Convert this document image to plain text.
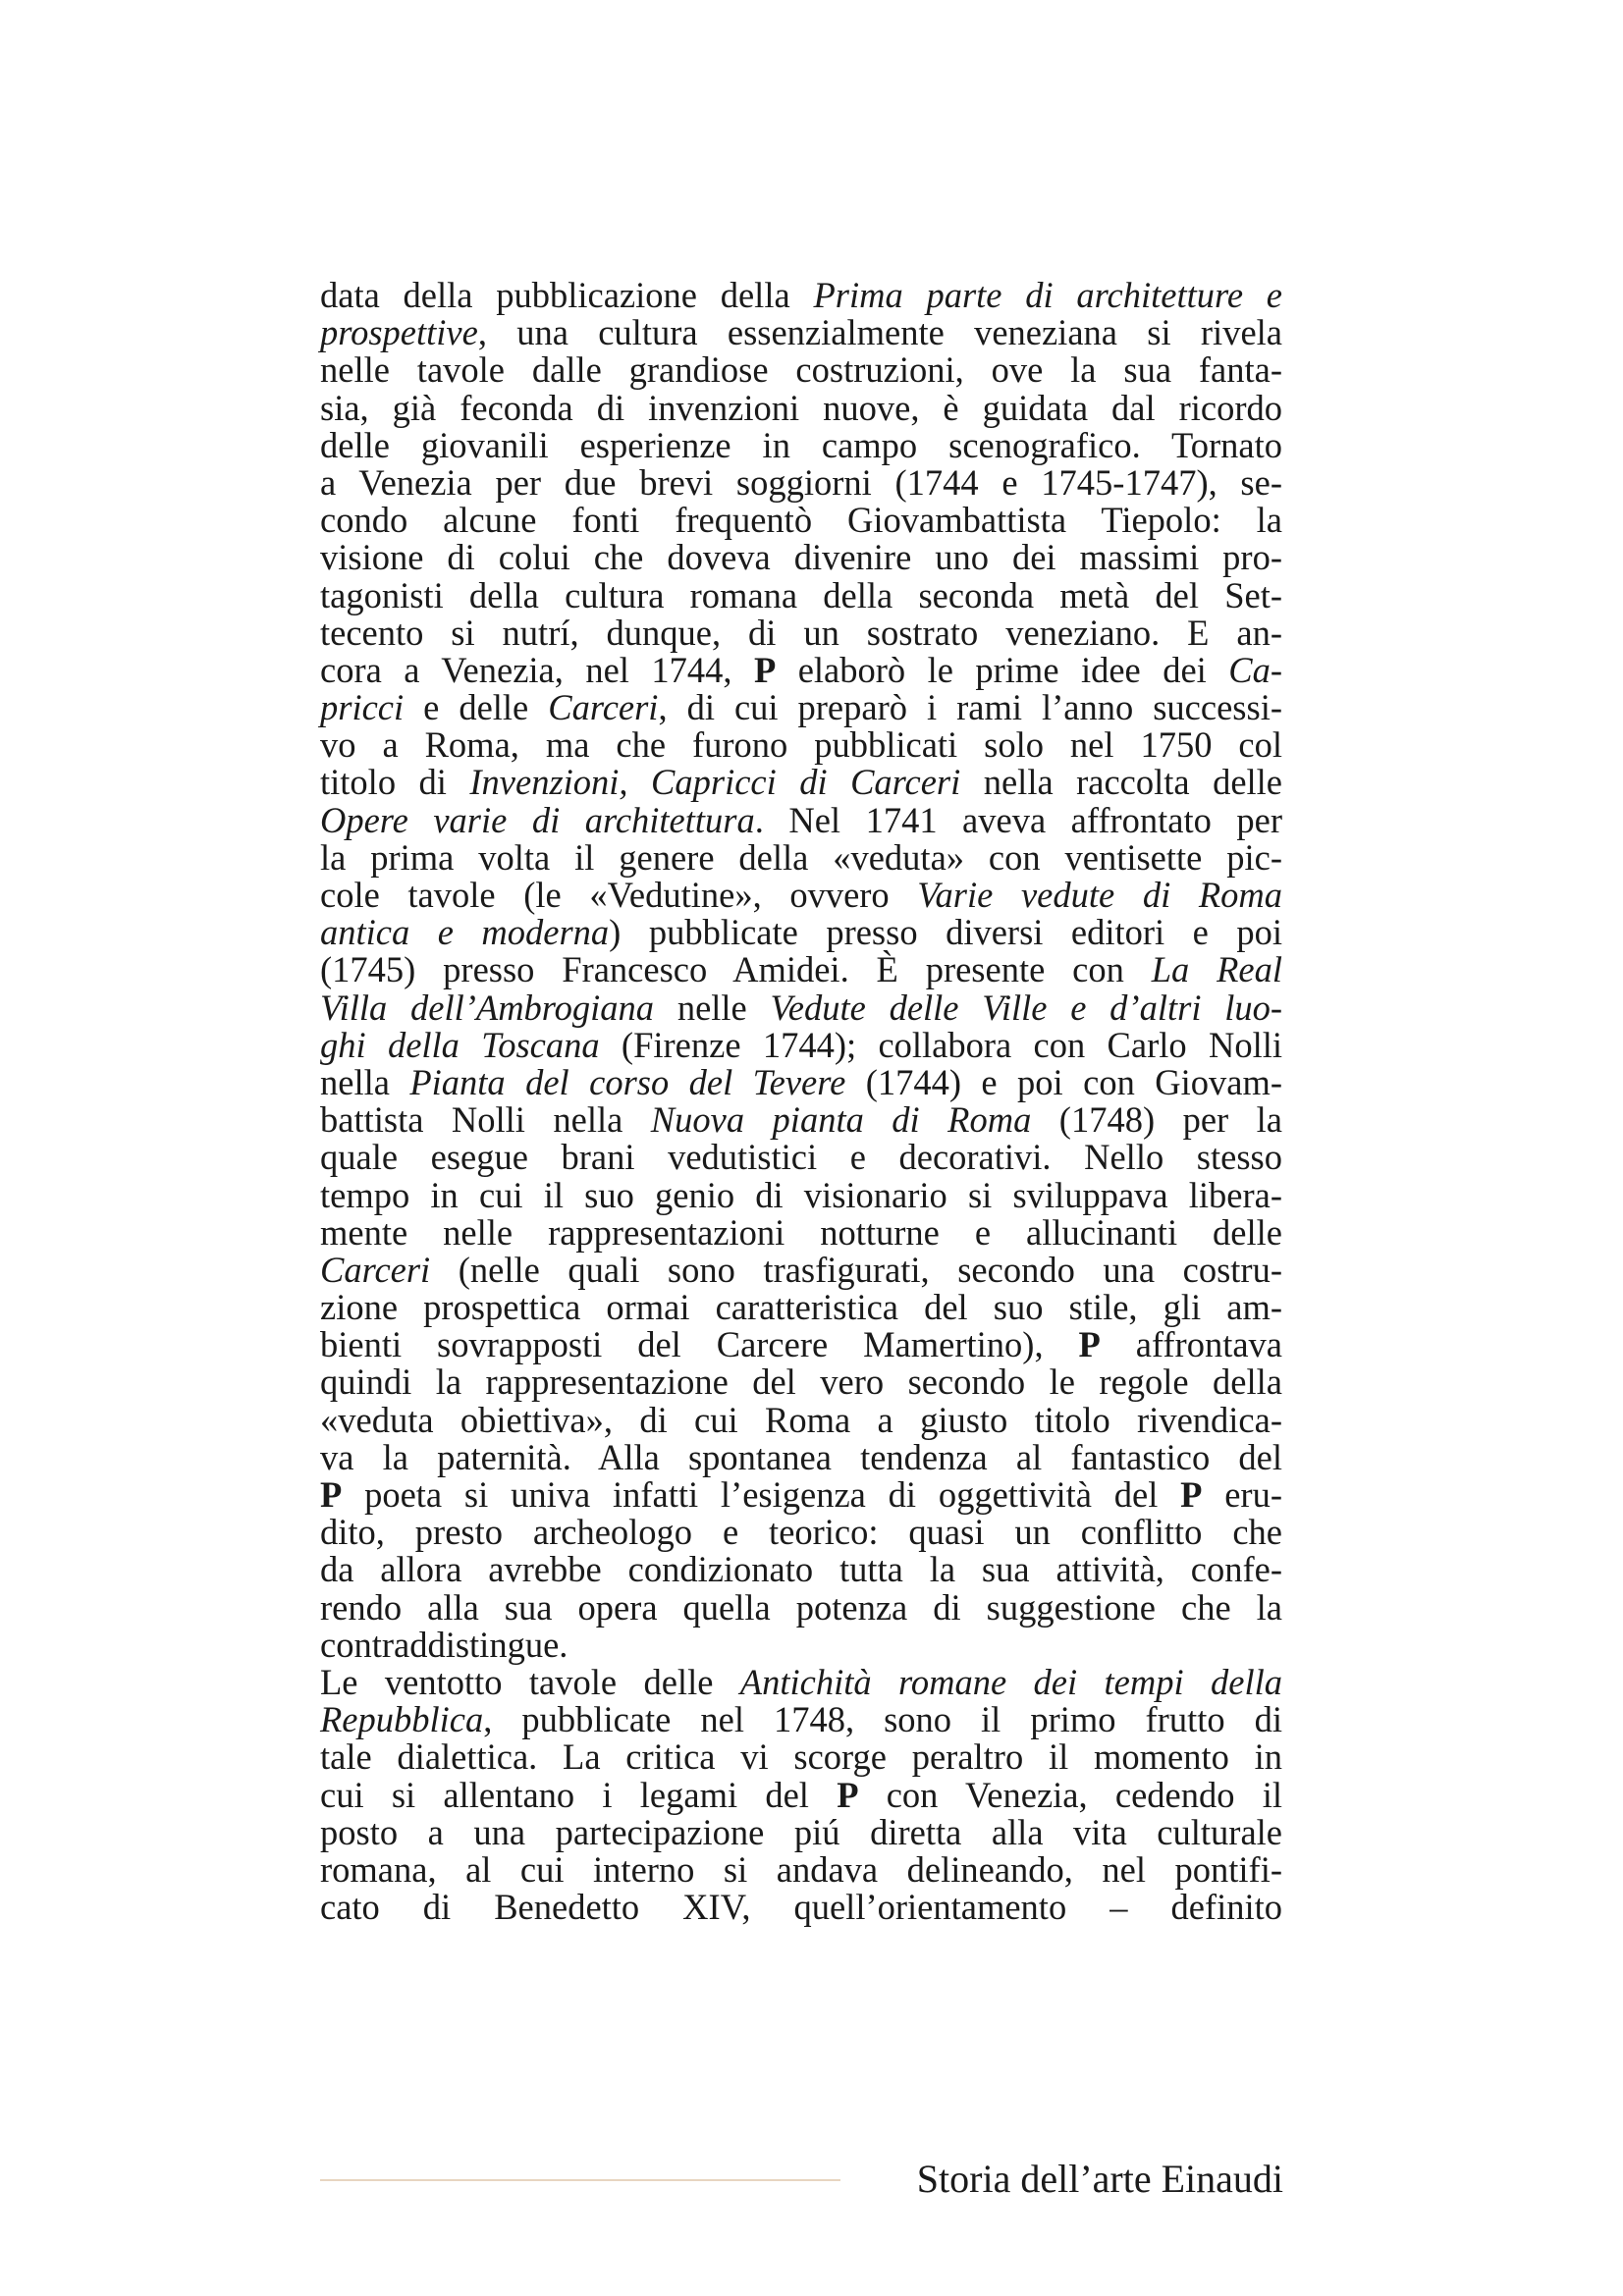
data della pubblicazione della Prima parte di architetture e
prospettive, una cultura essenzialmente veneziana si rivela
nelle tavole dalle grandiose costruzioni, ove la sua fanta-
sia, già feconda di invenzioni nuove, è guidata dal ricordo
delle giovanili esperienze in campo scenografico. Tornato
a Venezia per due brevi soggiorni (1744 e 1745-1747), se-
condo alcune fonti frequentò Giovambattista Tiepolo: la
visione di colui che doveva divenire uno dei massimi pro-
tagonisti della cultura romana della seconda metà del Set-
tecento si nutrí, dunque, di un sostrato veneziano. E an-
cora a Venezia, nel 1744, P elaborò le prime idee dei Ca-
pricci e delle Carceri, di cui preparò i rami l’anno successi-
vo a Roma, ma che furono pubblicati solo nel 1750 col
titolo di Invenzioni, Capricci di Carceri nella raccolta delle
Opere varie di architettura. Nel 1741 aveva affrontato per
la prima volta il genere della «veduta» con ventisette pic-
cole tavole (le «Vedutine», ovvero Varie vedute di Roma
antica e moderna) pubblicate presso diversi editori e poi
(1745) presso Francesco Amidei. È presente con La Real
Villa dell’Ambrogiana nelle Vedute delle Ville e d’altri luo-
ghi della Toscana (Firenze 1744); collabora con Carlo Nolli
nella Pianta del corso del Tevere (1744) e poi con Giovam-
battista Nolli nella Nuova pianta di Roma (1748) per la
quale esegue brani vedutistici e decorativi. Nello stesso
tempo in cui il suo genio di visionario si sviluppava libera-
mente nelle rappresentazioni notturne e allucinanti delle
Carceri (nelle quali sono trasfigurati, secondo una costru-
zione prospettica ormai caratteristica del suo stile, gli am-
bienti sovrapposti del Carcere Mamertino), P affrontava
quindi la rappresentazione del vero secondo le regole della
«veduta obiettiva», di cui Roma a giusto titolo rivendica-
va la paternità. Alla spontanea tendenza al fantastico del
P poeta si univa infatti l’esigenza di oggettività del P eru-
dito, presto archeologo e teorico: quasi un conflitto che
da allora avrebbe condizionato tutta la sua attività, confe-
rendo alla sua opera quella potenza di suggestione che la
contraddistingue.
Le ventotto tavole delle Antichità romane dei tempi della
Repubblica, pubblicate nel 1748, sono il primo frutto di
tale dialettica. La critica vi scorge peraltro il momento in
cui si allentano i legami del P con Venezia, cedendo il
posto a una partecipazione piú diretta alla vita culturale
romana, al cui interno si andava delineando, nel pontifi-
cato di Benedetto XIV, quell’orientamento – definito
Storia dell’arte Einaudi
